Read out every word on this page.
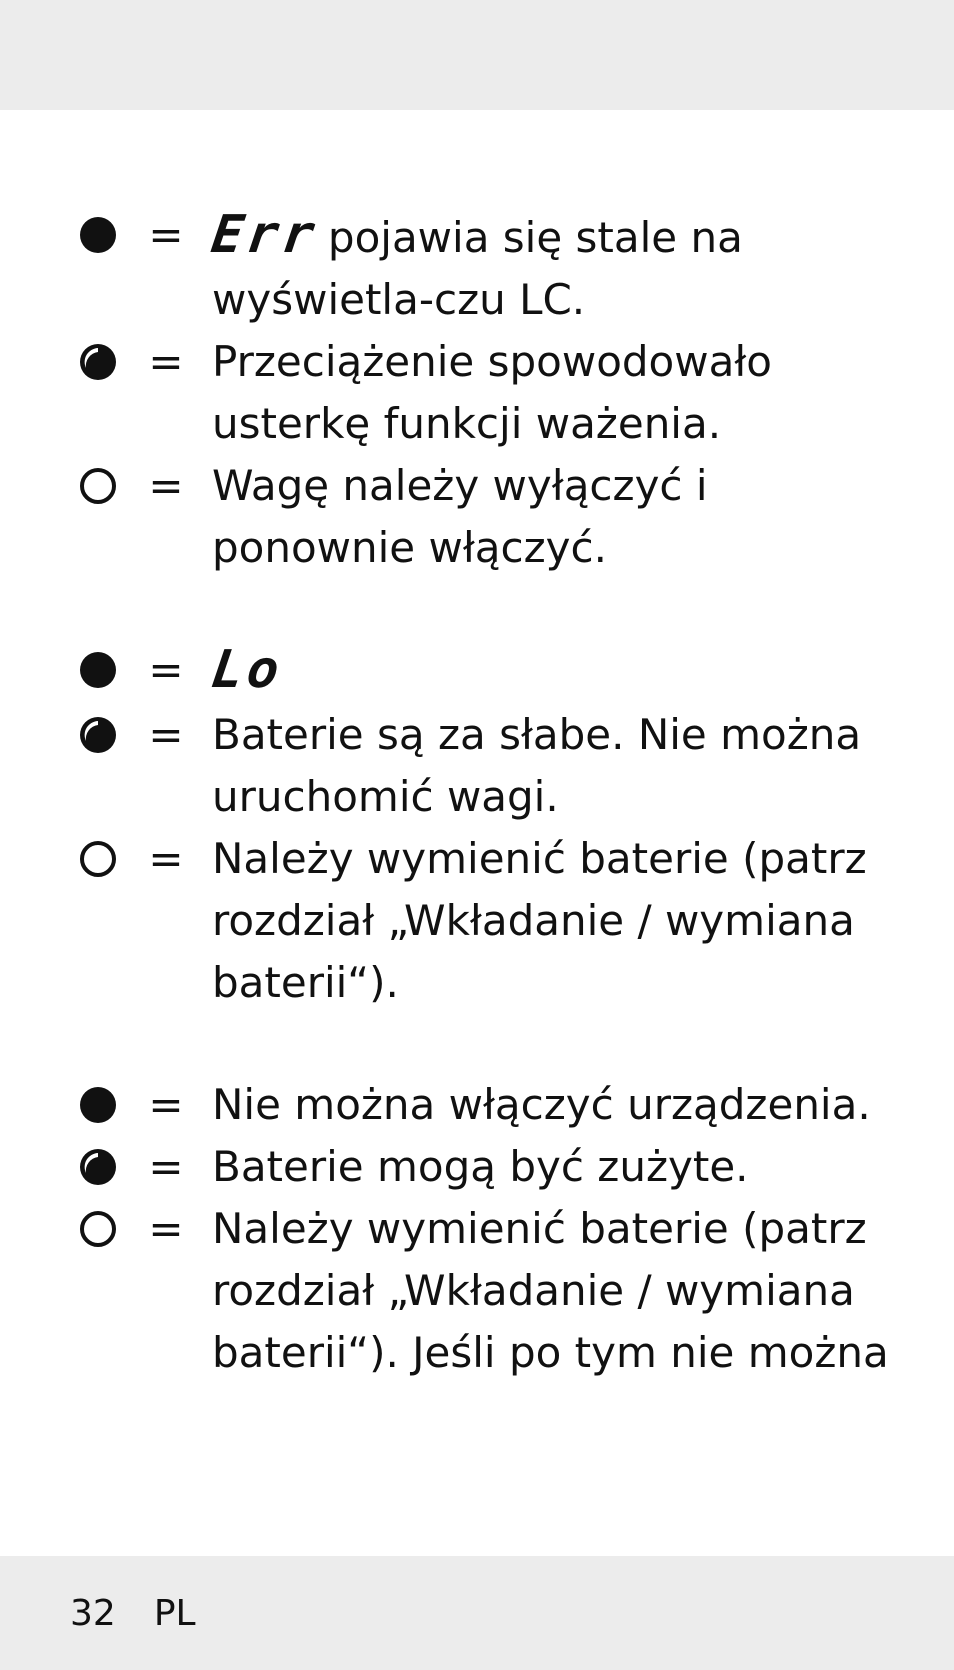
= Err pojawia się stale na wyświetla-czu LC.
= Przeciążenie spowodowało usterkę funkcji ważenia.
= Wagę należy wyłączyć i ponownie włączyć.
= Lo
= Baterie są za słabe. Nie można uruchomić wagi.
= Należy wymienić baterie (patrz rozdział „Wkładanie / wymiana baterii“).
= Nie można włączyć urządzenia.
= Baterie mogą być zużyte.
= Należy wymienić baterie (patrz rozdział „Wkładanie / wymiana baterii“). Jeśli po tym nie można
32 PL
